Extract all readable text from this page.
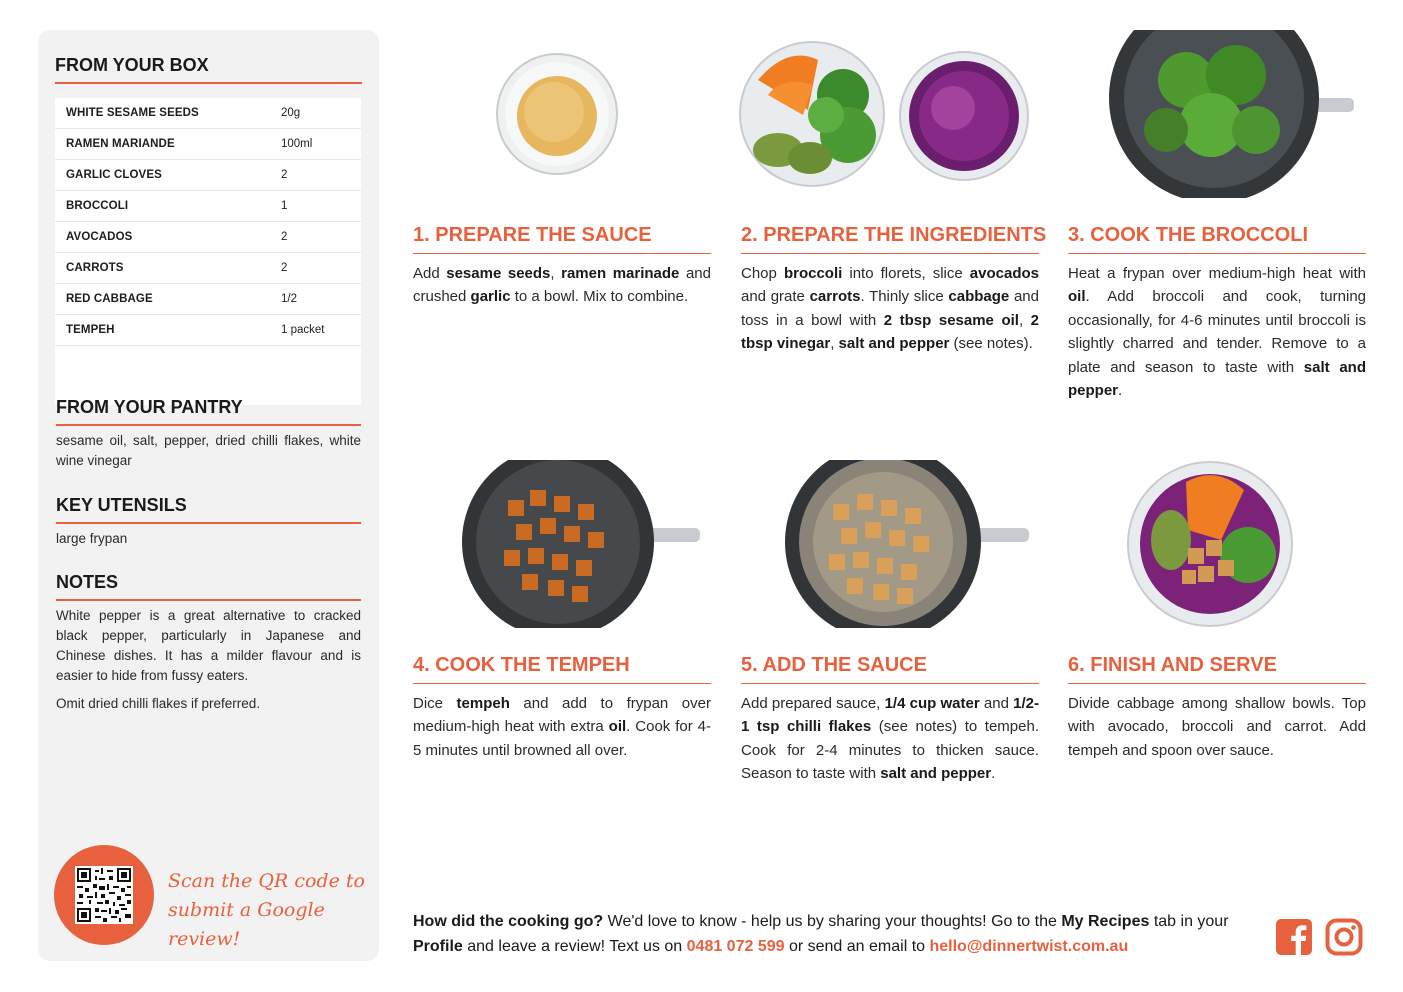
FROM YOUR BOX
WHITE SESAME SEEDS	20g
RAMEN MARIANDE	100ml
GARLIC CLOVES	2
BROCCOLI	1
AVOCADOS	2
CARROTS	2
RED CABBAGE	1/2
TEMPEH	1 packet
FROM YOUR PANTRY
sesame oil, salt, pepper, dried chilli flakes, white wine vinegar
KEY UTENSILS
large frypan
NOTES
White pepper is a great alternative to cracked black pepper, particularly in Japanese and Chinese dishes. It has a milder flavour and is easier to hide from fussy eaters.
Omit dried chilli flakes if preferred.
Scan the QR code to
submit a Google review!
1. PREPARE THE SAUCE
Add sesame seeds, ramen marinade and crushed garlic to a bowl. Mix to combine.
2. PREPARE THE INGREDIENTS
Chop broccoli into florets, slice avocados and grate carrots. Thinly slice cabbage and toss in a bowl with 2 tbsp sesame oil, 2 tbsp vinegar, salt and pepper (see notes).
3. COOK THE BROCCOLI
Heat a frypan over medium-high heat with oil. Add broccoli and cook, turning occasionally, for 4-6 minutes until broccoli is slightly charred and tender. Remove to a plate and season to taste with salt and pepper.
4. COOK THE TEMPEH
Dice tempeh and add to frypan over medium-high heat with extra oil. Cook for 4-5 minutes until browned all over.
5. ADD THE SAUCE
Add prepared sauce, 1/4 cup water and 1/2-1 tsp chilli flakes (see notes) to tempeh. Cook for 2-4 minutes to thicken sauce. Season to taste with salt and pepper.
6. FINISH AND SERVE
Divide cabbage among shallow bowls. Top with avocado, broccoli and carrot. Add tempeh and spoon over sauce.
How did the cooking go? We'd love to know - help us by sharing your thoughts! Go to the My Recipes tab in your Profile and leave a review! Text us on 0481 072 599 or send an email to hello@dinnertwist.com.au
